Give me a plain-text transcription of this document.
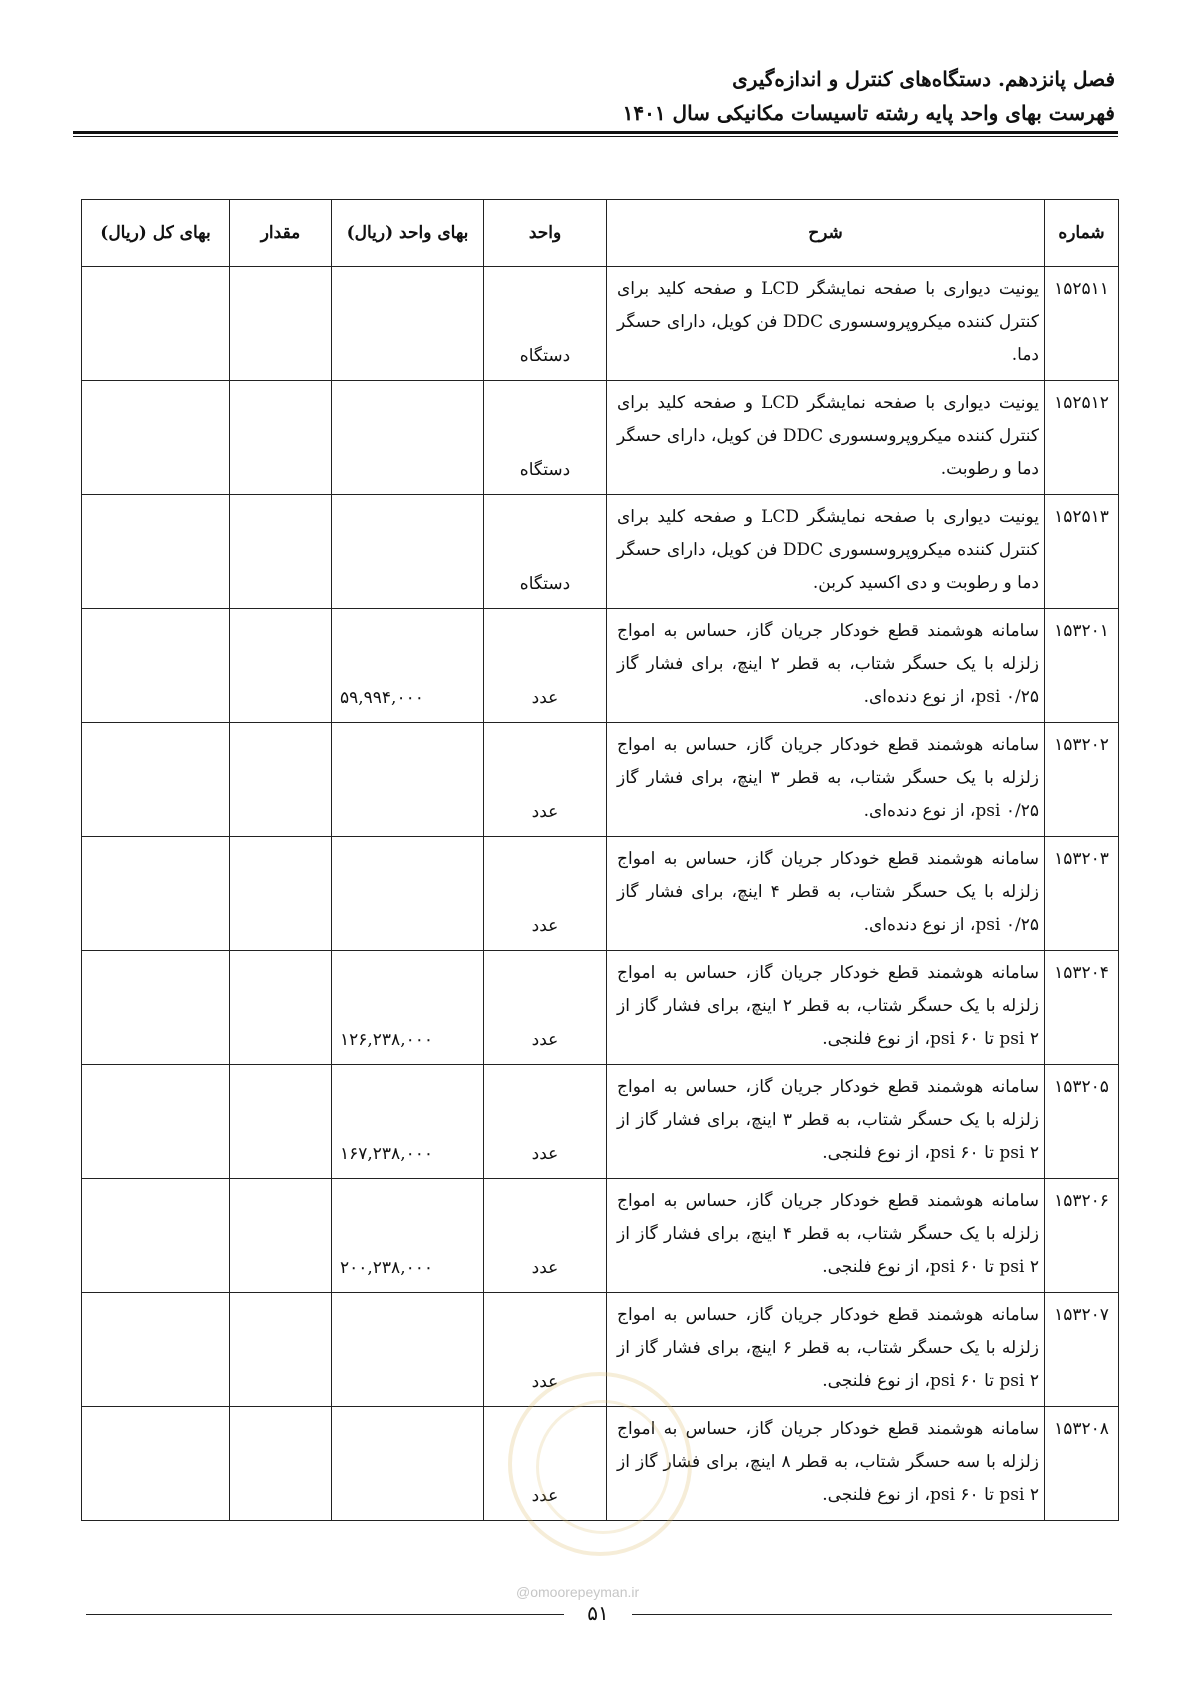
فصل پانزدهم. دستگاه‌های کنترل و اندازه‌گیری
فهرست بهای واحد پایه رشته تاسیسات مکانیکی سال ۱۴۰۱
شماره	شرح	واحد	بهای واحد (ریال)	مقدار	بهای کل (ریال)
۱۵۲۵۱۱	یونیت دیواری با صفحه نمایشگر LCD و صفحه کلید برای کنترل کننده میکروپروسسوری DDC فن کویل، دارای حسگر دما.	دستگاه			
۱۵۲۵۱۲	یونیت دیواری با صفحه نمایشگر LCD و صفحه کلید برای کنترل کننده میکروپروسسوری DDC فن کویل، دارای حسگر دما و رطوبت.	دستگاه			
۱۵۲۵۱۳	یونیت دیواری با صفحه نمایشگر LCD و صفحه کلید برای کنترل کننده میکروپروسسوری DDC فن کویل، دارای حسگر دما و رطوبت و دی اکسید کربن.	دستگاه			
۱۵۳۲۰۱	سامانه هوشمند قطع خودکار جریان گاز، حساس به امواج زلزله با یک حسگر شتاب، به قطر ۲ اینچ، برای فشار گاز ۰/۲۵ psi، از نوع دنده‌ای.	عدد	۵۹,۹۹۴,۰۰۰		
۱۵۳۲۰۲	سامانه هوشمند قطع خودکار جریان گاز، حساس به امواج زلزله با یک حسگر شتاب، به قطر ۳ اینچ، برای فشار گاز ۰/۲۵ psi، از نوع دنده‌ای.	عدد			
۱۵۳۲۰۳	سامانه هوشمند قطع خودکار جریان گاز، حساس به امواج زلزله با یک حسگر شتاب، به قطر ۴ اینچ، برای فشار گاز ۰/۲۵ psi، از نوع دنده‌ای.	عدد			
۱۵۳۲۰۴	سامانه هوشمند قطع خودکار جریان گاز، حساس به امواج زلزله با یک حسگر شتاب، به قطر ۲ اینچ، برای فشار گاز از ۲ psi تا ۶۰ psi، از نوع فلنجی.	عدد	۱۲۶,۲۳۸,۰۰۰		
۱۵۳۲۰۵	سامانه هوشمند قطع خودکار جریان گاز، حساس به امواج زلزله با یک حسگر شتاب، به قطر ۳ اینچ، برای فشار گاز از ۲ psi تا ۶۰ psi، از نوع فلنجی.	عدد	۱۶۷,۲۳۸,۰۰۰		
۱۵۳۲۰۶	سامانه هوشمند قطع خودکار جریان گاز، حساس به امواج زلزله با یک حسگر شتاب، به قطر ۴ اینچ، برای فشار گاز از ۲ psi تا ۶۰ psi، از نوع فلنجی.	عدد	۲۰۰,۲۳۸,۰۰۰		
۱۵۳۲۰۷	سامانه هوشمند قطع خودکار جریان گاز، حساس به امواج زلزله با یک حسگر شتاب، به قطر ۶ اینچ، برای فشار گاز از ۲ psi تا ۶۰ psi، از نوع فلنجی.	عدد			
۱۵۳۲۰۸	سامانه هوشمند قطع خودکار جریان گاز، حساس به امواج زلزله با سه حسگر شتاب، به قطر ۸ اینچ، برای فشار گاز از ۲ psi تا ۶۰ psi، از نوع فلنجی.	عدد			
@omoorepeyman.ir
۵۱
